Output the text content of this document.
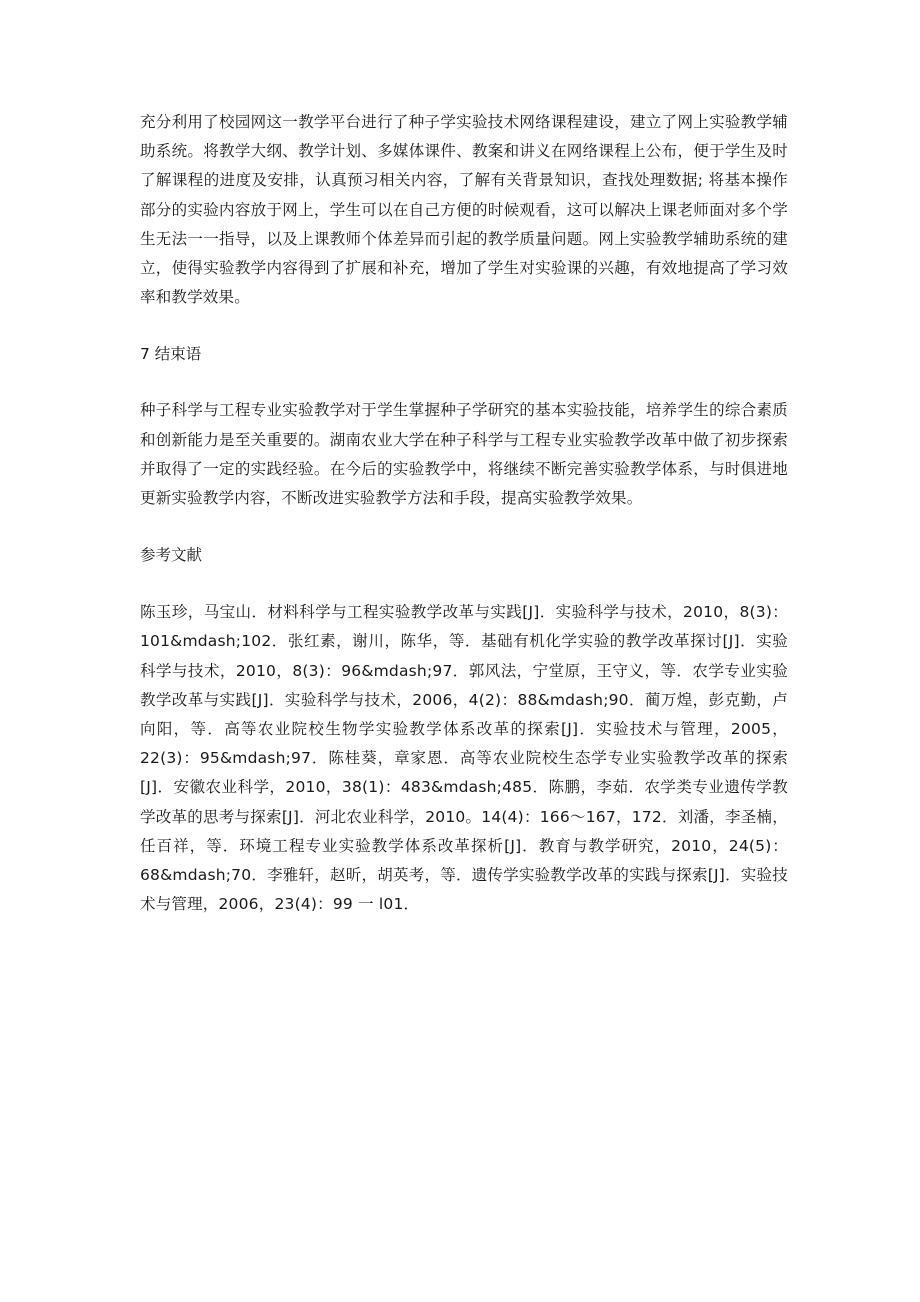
充分利用了校园网这一教学平台进行了种子学实验技术网络课程建设，建立了网上实验教学辅助系统。将教学大纲、教学计划、多媒体课件、教案和讲义在网络课程上公布，便于学生及时了解课程的进度及安排，认真预习相关内容，了解有关背景知识，查找处理数据; 将基本操作部分的实验内容放于网上，学生可以在自己方便的时候观看，这可以解决上课老师面对多个学生无法一一指导，以及上课教师个体差异而引起的教学质量问题。网上实验教学辅助系统的建立，使得实验教学内容得到了扩展和补充，增加了学生对实验课的兴趣，有效地提高了学习效率和教学效果。

7 结束语

种子科学与工程专业实验教学对于学生掌握种子学研究的基本实验技能，培养学生的综合素质和创新能力是至关重要的。湖南农业大学在种子科学与工程专业实验教学改革中做了初步探索并取得了一定的实践经验。在今后的实验教学中，将继续不断完善实验教学体系，与时俱进地更新实验教学内容，不断改进实验教学方法和手段，提高实验教学效果。

参考文献

陈玉珍，马宝山．材料科学与工程实验教学改革与实践[J]．实验科学与技术，2010，8(3)：101&mdash;102．张红素，谢川，陈华，等．基础有机化学实验的教学改革探讨[J]．实验科学与技术，2010，8(3)：96&mdash;97．郭风法，宁堂原，王守义，等．农学专业实验教学改革与实践[J]．实验科学与技术，2006，4(2)：88&mdash;90．蔺万煌，彭克勤，卢向阳，等．高等农业院校生物学实验教学体系改革的探索[J]．实验技术与管理，2005，22(3)：95&mdash;97．陈桂葵，章家恩．高等农业院校生态学专业实验教学改革的探索[J]．安徽农业科学，2010，38(1)：483&mdash;485．陈鹏，李茹．农学类专业遗传学教学改革的思考与探索[J]．河北农业科学，2010。14(4)：166～167，172．刘潘，李圣楠，任百祥，等．环境工程专业实验教学体系改革探析[J]．教育与教学研究，2010，24(5)：68&mdash;70．李雅轩，赵昕，胡英考，等．遗传学实验教学改革的实践与探索[J]．实验技术与管理，2006，23(4)：99 一 l01．
